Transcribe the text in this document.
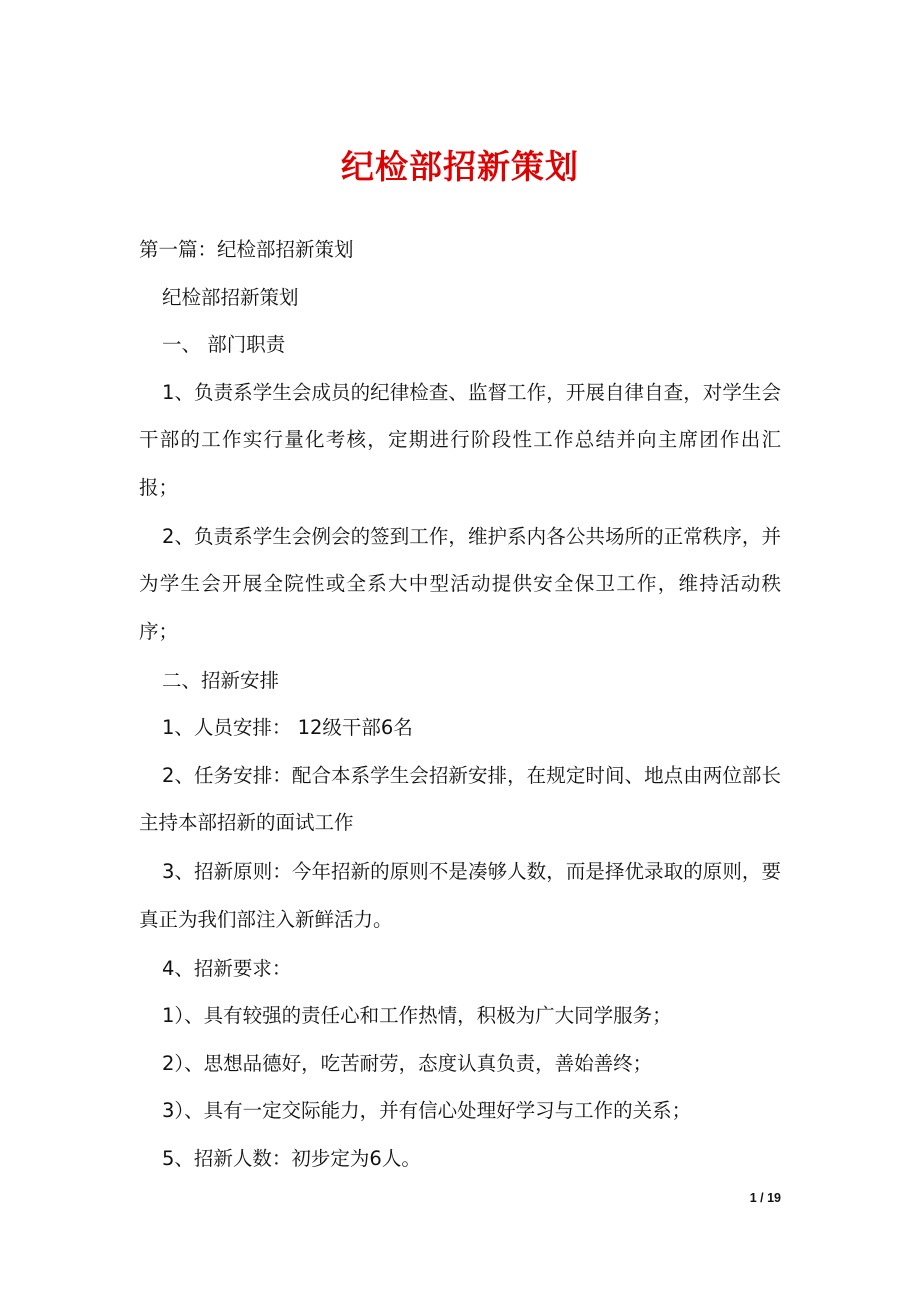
纪检部招新策划

第一篇：纪检部招新策划

纪检部招新策划

一、 部门职责

1、负责系学生会成员的纪律检查、监督工作，开展自律自查，对学生会干部的工作实行量化考核，定期进行阶段性工作总结并向主席团作出汇报；

2、负责系学生会例会的签到工作，维护系内各公共场所的正常秩序，并为学生会开展全院性或全系大中型活动提供安全保卫工作，维持活动秩序；

二、招新安排

1、人员安排： 12级干部6名

2、任务安排：配合本系学生会招新安排，在规定时间、地点由两位部长主持本部招新的面试工作

3、招新原则：今年招新的原则不是凑够人数，而是择优录取的原则，要真正为我们部注入新鲜活力。

4、招新要求：

1）、具有较强的责任心和工作热情，积极为广大同学服务；

2）、思想品德好，吃苦耐劳，态度认真负责，善始善终；

3）、具有一定交际能力，并有信心处理好学习与工作的关系；

5、招新人数：初步定为6人。

1 / 19
